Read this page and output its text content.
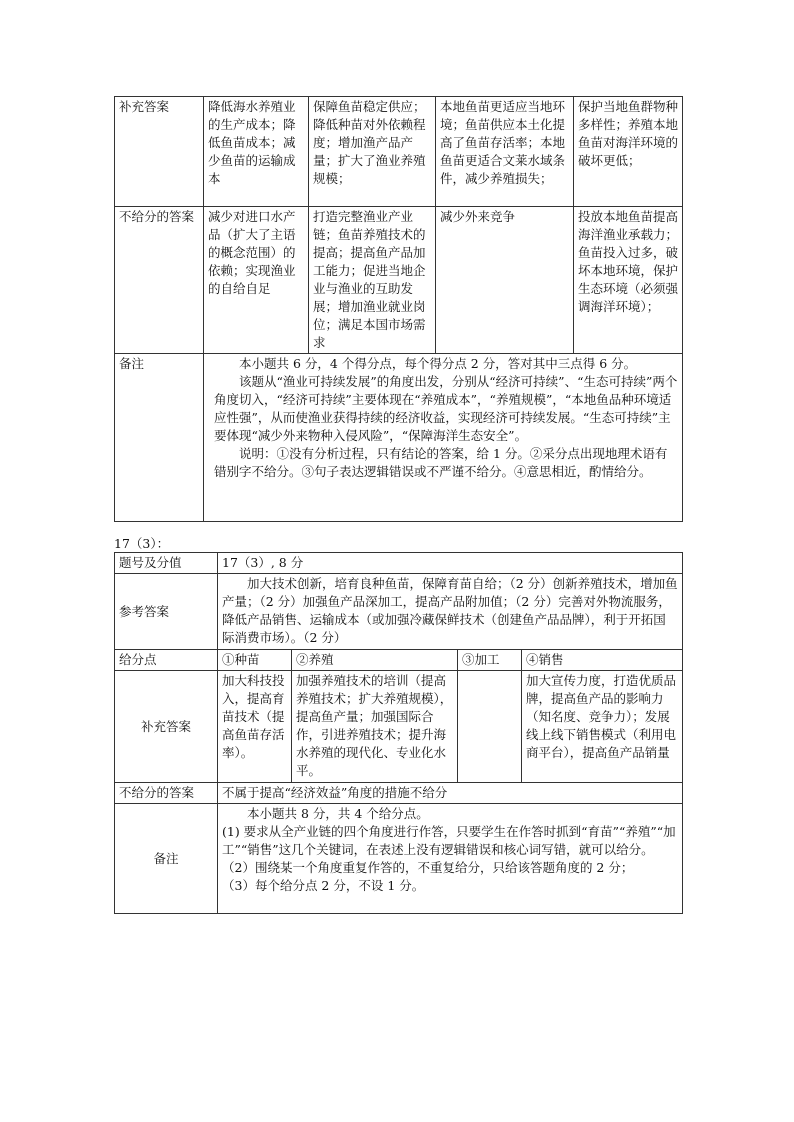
补充答案	降低海水养殖业的生产成本；降低鱼苗成本；减少鱼苗的运输成本	保障鱼苗稳定供应；降低种苗对外依赖程度；增加渔产品产量；扩大了渔业养殖规模；	本地鱼苗更适应当地环境；鱼苗供应本土化提高了鱼苗存活率；本地鱼苗更适合文莱水域条件，减少养殖损失；	保护当地鱼群物种多样性；养殖本地鱼苗对海洋环境的破坏更低；
不给分的答案	减少对进口水产品（扩大了主语的概念范围）的依赖；实现渔业的自给自足	打造完整渔业产业链；鱼苗养殖技术的提高；提高鱼产品加工能力；促进当地企业与渔业的互助发展；增加渔业就业岗位；满足本国市场需求	减少外来竞争	投放本地鱼苗提高海洋渔业承载力；鱼苗投入过多，破坏本地环境，保护生态环境（必须强调海洋环境）；
备注	本小题共 6 分，4 个得分点，每个得分点 2 分，答对其中三点得 6 分。

该题从“渔业可持续发展”的角度出发，分别从“经济可持续”、“生态可持续”两个角度切入，“经济可持续”主要体现在“养殖成本”，“养殖规模”，“本地鱼品种环境适应性强”，从而使渔业获得持续的经济收益，实现经济可持续发展。“生态可持续”主要体现“减少外来物种入侵风险”，“保障海洋生态安全”。

说明：①没有分析过程，只有结论的答案，给 1 分。②采分点出现地理术语有错别字不给分。③句子表达逻辑错误或不严谨不给分。④意思相近，酌情给分。			

17（3）：
题号及分值	17（3）, 8 分			
参考答案	加大技术创新，培育良种鱼苗，保障育苗自给；（2 分）创新养殖技术，增加鱼产量；（2 分）加强鱼产品深加工，提高产品附加值；（2 分）完善对外物流服务，降低产品销售、运输成本（或加强冷藏保鲜技术（创建鱼产品品牌），利于开拓国际消费市场）。（2 分）			
给分点	①种苗	②养殖	③加工	④销售
补充答案	加大科技投入，提高育苗技术（提高鱼苗存活率）。	加强养殖技术的培训（提高养殖技术；扩大养殖规模），提高鱼产量；加强国际合作，引进养殖技术；提升海水养殖的现代化、专业化水平。		加大宣传力度，打造优质品牌，提高鱼产品的影响力（知名度、竞争力）；发展线上线下销售模式（利用电商平台），提高鱼产品销量
不给分的答案	不属于提高“经济效益”角度的措施不给分			
备注	本小题共 8 分，共 4 个给分点。

(1) 要求从全产业链的四个角度进行作答，只要学生在作答时抓到“育苗”“养殖”“加工”“销售”这几个关键词，在表述上没有逻辑错误和核心词写错，就可以给分。

（2）围绕某一个角度重复作答的，不重复给分，只给该答题角度的 2 分；

（3）每个给分点 2 分，不设 1 分。			
